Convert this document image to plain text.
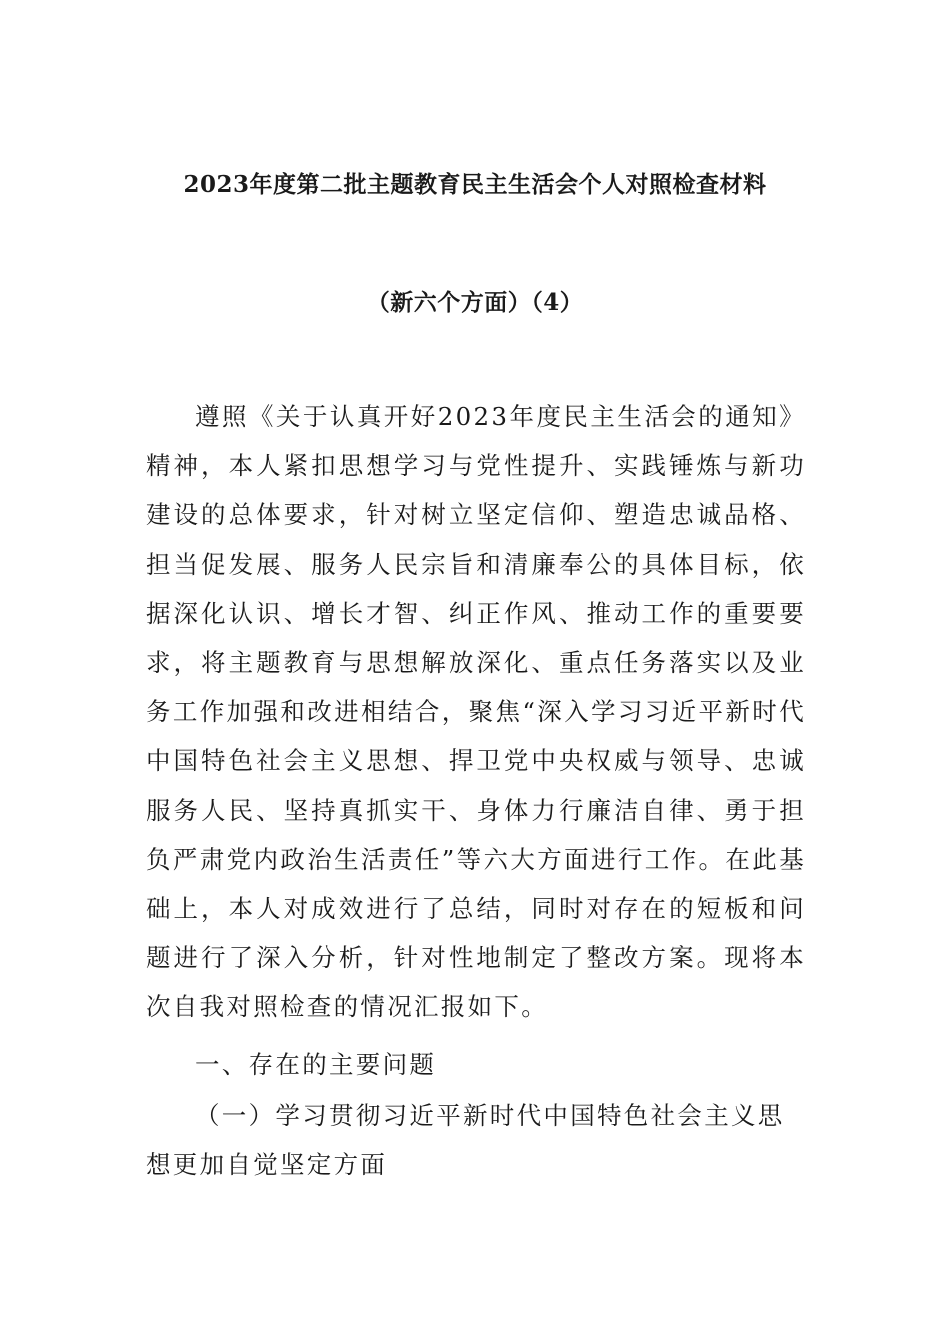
2023年度第二批主题教育民主生活会个人对照检查材料
（新六个方面）（4）

遵照《关于认真开好2023年度民主生活会的通知》精神，本人紧扣思想学习与党性提升、实践锤炼与新功建设的总体要求，针对树立坚定信仰、塑造忠诚品格、担当促发展、服务人民宗旨和清廉奉公的具体目标，依据深化认识、增长才智、纠正作风、推动工作的重要要求，将主题教育与思想解放深化、重点任务落实以及业务工作加强和改进相结合，聚焦“深入学习习近平新时代中国特色社会主义思想、捍卫党中央权威与领导、忠诚服务人民、坚持真抓实干、身体力行廉洁自律、勇于担负严肃党内政治生活责任”等六大方面进行工作。在此基础上，本人对成效进行了总结，同时对存在的短板和问题进行了深入分析，针对性地制定了整改方案。现将本次自我对照检查的情况汇报如下。

一、存在的主要问题

（一）学习贯彻习近平新时代中国特色社会主义思想更加自觉坚定方面
